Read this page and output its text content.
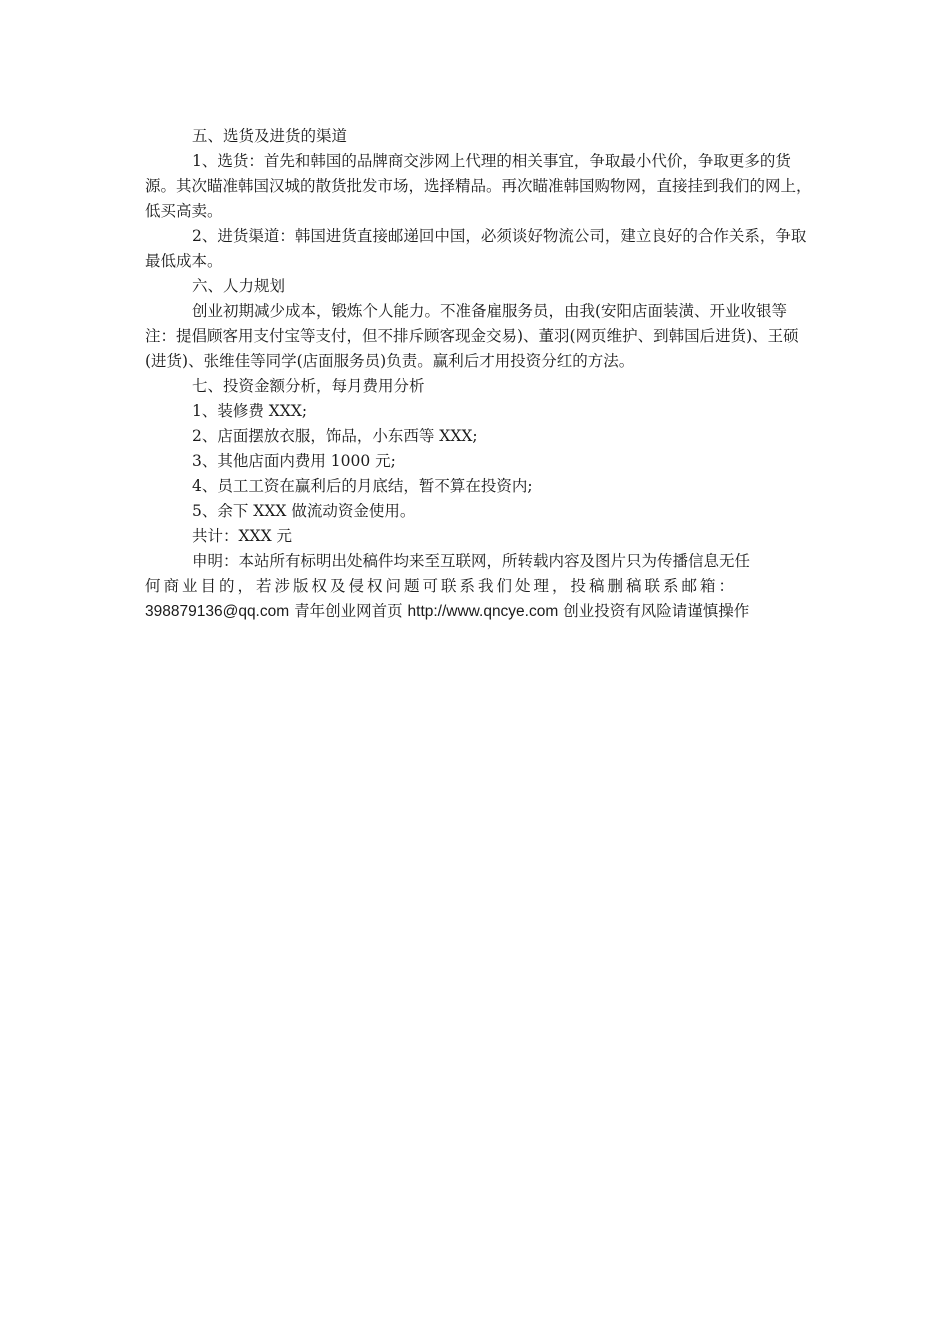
五、选货及进货的渠道

1、选货：首先和韩国的品牌商交涉网上代理的相关事宜，争取最小代价，争取更多的货源。其次瞄准韩国汉城的散货批发市场，选择精品。再次瞄准韩国购物网，直接挂到我们的网上，低买高卖。

2、进货渠道：韩国进货直接邮递回中国，必须谈好物流公司，建立良好的合作关系，争取最低成本。

六、人力规划

创业初期减少成本，锻炼个人能力。不准备雇服务员，由我(安阳店面装潢、开业收银等注：提倡顾客用支付宝等支付，但不排斥顾客现金交易)、董羽(网页维护、到韩国后进货)、王硕(进货)、张维佳等同学(店面服务员)负责。赢利后才用投资分红的方法。

七、投资金额分析，每月费用分析

1、装修费 XXX;

2、店面摆放衣服，饰品，小东西等 XXX;

3、其他店面内费用 1000 元;

4、员工工资在赢利后的月底结，暂不算在投资内;

5、余下 XXX 做流动资金使用。

共计：XXX 元

申明：本站所有标明出处稿件均来至互联网，所转载内容及图片只为传播信息无任

何商业目的，若涉版权及侵权问题可联系我们处理，投稿删稿联系邮箱：

398879136@qq.com 青年创业网首页 http://www.qncye.com 创业投资有风险请谨慎操作
